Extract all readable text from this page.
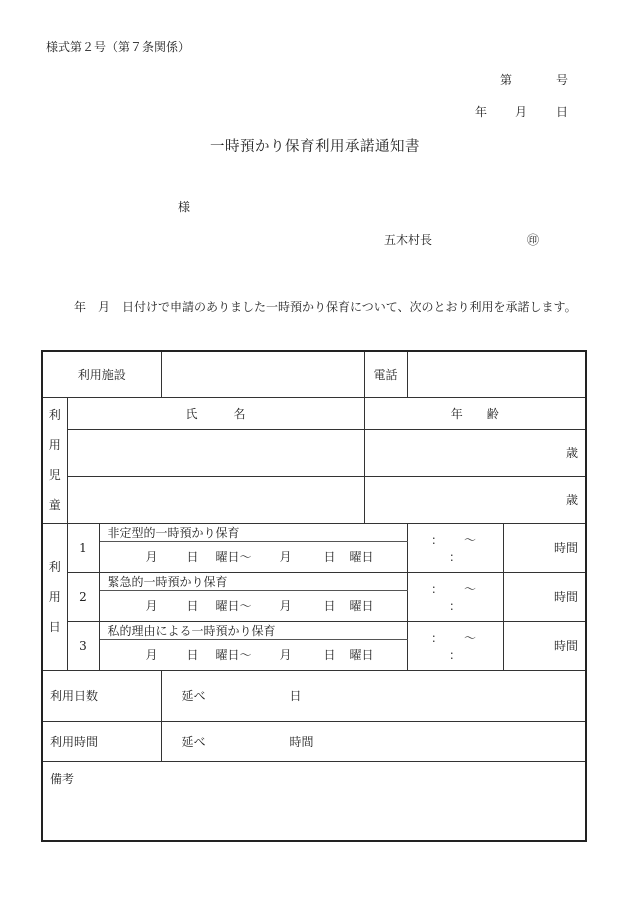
様式第２号（第７条関係）
第	号
年 月 日
一時預かり保育利用承諾通知書
様
五木村長	㊞
年　月　日付けで申請のありました一時預かり保育について、次のとおり利用を承諾します。
利用施設				電話		

利
用
児
童	氏　　　名			年　　齢		
				歳		
				歳		

利
用
日	1	非定型的一時預かり保育			： ～：	時間
		月 日 曜日～ 月 日 曜日				
	2	緊急的一時預かり保育			： ～：	時間
		月 日 曜日～ 月 日 曜日				
	3	私的理由による一時預かり保育			： ～：	時間
		月 日 曜日～ 月 日 曜日				
利用日数			延べ 日			
利用時間			延べ 時間			
備考						
